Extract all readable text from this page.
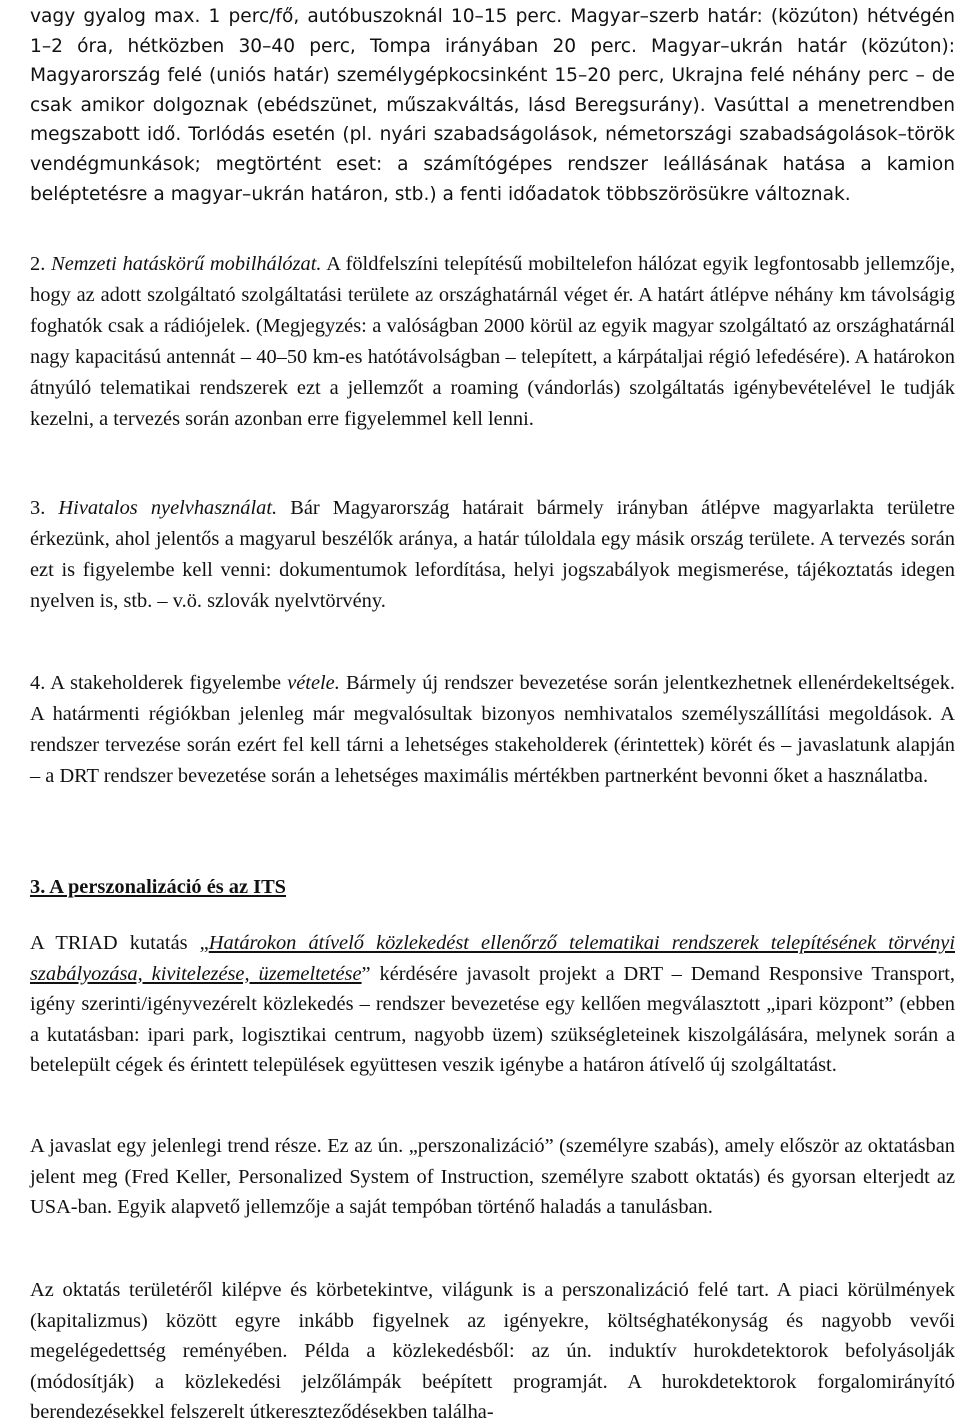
vagy gyalog max. 1 perc/fő, autóbuszoknál 10–15 perc. Magyar–szerb határ: (közúton) hétvégén 1–2 óra, hétközben 30–40 perc, Tompa irányában 20 perc. Magyar–ukrán határ (közúton): Magyarország felé (uniós határ) személygépkocsinként 15–20 perc, Ukrajna felé néhány perc – de csak amikor dolgoznak (ebédszünet, műszakváltás, lásd Beregsurány). Vasúttal a menetrendben megszabott idő. Torlódás esetén (pl. nyári szabadságolások, németországi szabadságolások–török vendégmunkások; megtörtént eset: a számítógépes rendszer leállásának hatása a kamion beléptetésre a magyar–ukrán határon, stb.) a fenti időadatok többszörösükre változnak.

2. Nemzeti hatáskörű mobilhálózat. A földfelszíni telepítésű mobiltelefon hálózat egyik legfontosabb jellemzője, hogy az adott szolgáltató szolgáltatási területe az országhatárnál véget ér. A határt átlépve néhány km távolságig foghatók csak a rádiójelek. (Megjegyzés: a valóságban 2000 körül az egyik magyar szolgáltató az országhatárnál nagy kapacitású antennát – 40–50 km-es hatótávolságban – telepített, a kárpátaljai régió lefedésére). A határokon átnyúló telematikai rendszerek ezt a jellemzőt a roaming (vándorlás) szolgáltatás igénybevételével le tudják kezelni, a tervezés során azonban erre figyelemmel kell lenni.

3. Hivatalos nyelvhasználat. Bár Magyarország határait bármely irányban átlépve magyarlakta területre érkezünk, ahol jelentős a magyarul beszélők aránya, a határ túloldala egy másik ország területe. A tervezés során ezt is figyelembe kell venni: dokumentumok lefordítása, helyi jogszabályok megismerése, tájékoztatás idegen nyelven is, stb. – v.ö. szlovák nyelvtörvény.

4. A stakeholderek figyelembe vétele. Bármely új rendszer bevezetése során jelentkezhetnek ellenérdekeltségek. A határmenti régiókban jelenleg már megvalósultak bizonyos nemhivatalos személyszállítási megoldások. A rendszer tervezése során ezért fel kell tárni a lehetséges stakeholderek (érintettek) körét és – javaslatunk alapján – a DRT rendszer bevezetése során a lehetséges maximális mértékben partnerként bevonni őket a használatba.

3. A perszonalizáció és az ITS

A TRIAD kutatás „Határokon átívelő közlekedést ellenőrző telematikai rendszerek telepítésének törvényi szabályozása, kivitelezése, üzemeltetése” kérdésére javasolt projekt a DRT – Demand Responsive Transport, igény szerinti/igényvezérelt közlekedés – rendszer bevezetése egy kellően megválasztott „ipari központ” (ebben a kutatásban: ipari park, logisztikai centrum, nagyobb üzem) szükségleteinek kiszolgálására, melynek során a betelepült cégek és érintett települések együttesen veszik igénybe a határon átívelő új szolgáltatást.

A javaslat egy jelenlegi trend része. Ez az ún. „perszonalizáció” (személyre szabás), amely először az oktatásban jelent meg (Fred Keller, Personalized System of Instruction, személyre szabott oktatás) és gyorsan elterjedt az USA-ban. Egyik alapvető jellemzője a saját tempóban történő haladás a tanulásban.

Az oktatás területéről kilépve és körbetekintve, világunk is a perszonalizáció felé tart. A piaci körülmények (kapitalizmus) között egyre inkább figyelnek az igényekre, költséghatékonyság és nagyobb vevői megelégedettség reményében. Példa a közlekedésből: az ún. induktív hurokdetektorok befolyásolják (módosítják) a közlekedési jelzőlámpák beépített programját. A hurokdetektorok forgalomirányító berendezésekkel felszerelt útkereszteződésekben találha-
